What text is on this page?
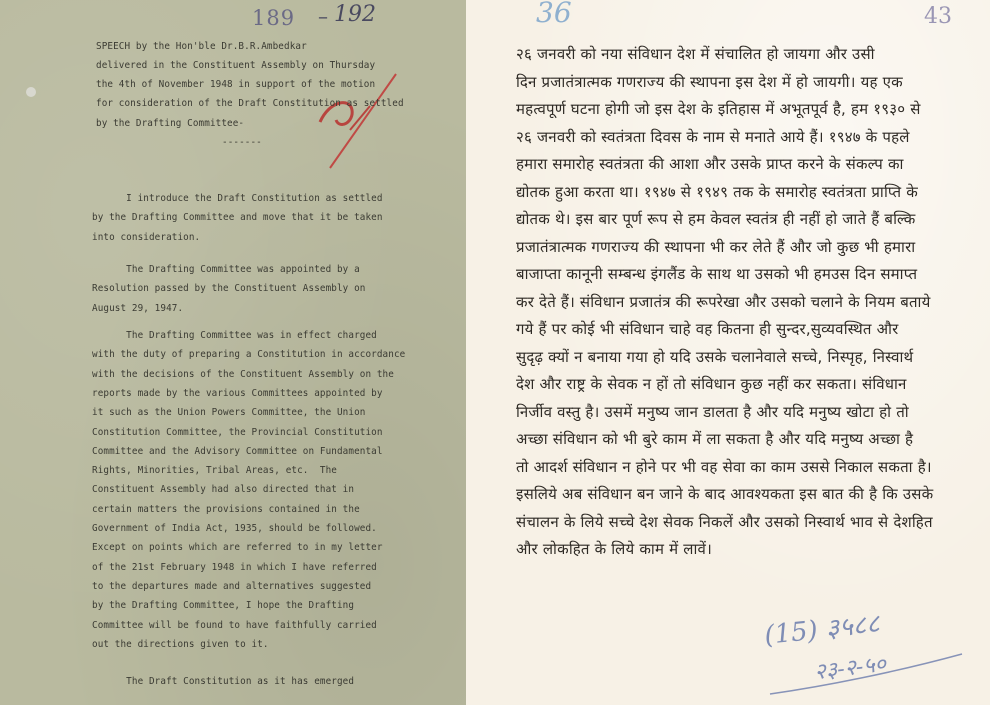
189 192
–
SPEECH by the Hon'ble Dr.B.R.Ambedkar
delivered in the Constituent Assembly on Thursday
the 4th of November 1948 in support of the motion
for consideration of the Draft Constitution as settled
by the Drafting Committee-
-------
I introduce the Draft Constitution as settled
by the Drafting Committee and move that it be taken
into consideration.
The Drafting Committee was appointed by a
Resolution passed by the Constituent Assembly on
August 29, 1947.
The Drafting Committee was in effect charged
with the duty of preparing a Constitution in accordance
with the decisions of the Constituent Assembly on the
reports made by the various Committees appointed by
it such as the Union Powers Committee, the Union
Constitution Committee, the Provincial Constitution
Committee and the Advisory Committee on Fundamental
Rights, Minorities, Tribal Areas, etc.  The
Constituent Assembly had also directed that in
certain matters the provisions contained in the
Government of India Act, 1935, should be followed.
Except on points which are referred to in my letter
of the 21st February 1948 in which I have referred
to the departures made and alternatives suggested
by the Drafting Committee, I hope the Drafting
Committee will be found to have faithfully carried
out the directions given to it.
The Draft Constitution as it has emerged
36	43
२६ जनवरी को नया संविधान देश में संचालित हो जायगा और उसी
दिन प्रजातंत्रात्मक गणराज्य की स्थापना इस देश में हो जायगी। यह एक
महत्वपूर्ण घटना होगी जो इस देश के इतिहास में अभूतपूर्व है, हम १९३० से
२६ जनवरी को स्वतंत्रता दिवस के नाम से मनाते आये हैं। १९४७ के पहले
हमारा समारोह स्वतंत्रता की आशा और उसके प्राप्त करने के संकल्प का
द्योतक हुआ करता था। १९४७ से १९४९ तक के समारोह स्वतंत्रता प्राप्ति के
द्योतक थे। इस बार पूर्ण रूप से हम केवल स्वतंत्र ही नहीं हो जाते हैं बल्कि
प्रजातंत्रात्मक गणराज्य की स्थापना भी कर लेते हैं और जो कुछ भी हमारा
बाजाप्ता कानूनी सम्बन्ध इंगलैंड के साथ था उसको भी हमउस दिन समाप्त
कर देते हैं। संविधान प्रजातंत्र की रूपरेखा और उसको चलाने के नियम बताये
गये हैं पर कोई भी संविधान चाहे वह कितना ही सुन्दर,सुव्यवस्थित और
सुदृढ़ क्यों न बनाया गया हो यदि उसके चलानेवाले सच्चे, निस्पृह, निस्वार्थ
देश और राष्ट्र के सेवक न हों तो संविधान कुछ नहीं कर सकता। संविधान
निर्जीव वस्तु है। उसमें मनुष्य जान डालता है और यदि मनुष्य खोटा हो तो
अच्छा संविधान को भी बुरे काम में ला सकता है और यदि मनुष्य अच्छा है
तो आदर्श संविधान न होने पर भी वह सेवा का काम उससे निकाल सकता है।
इसलिये अब संविधान बन जाने के बाद आवश्यकता इस बात की है कि उसके
संचालन के लिये सच्चे देश सेवक निकलें और उसको निस्वार्थ भाव से देशहित
और लोकहित के लिये काम में लावें।
(15) ३५८८
२३-२-५०
